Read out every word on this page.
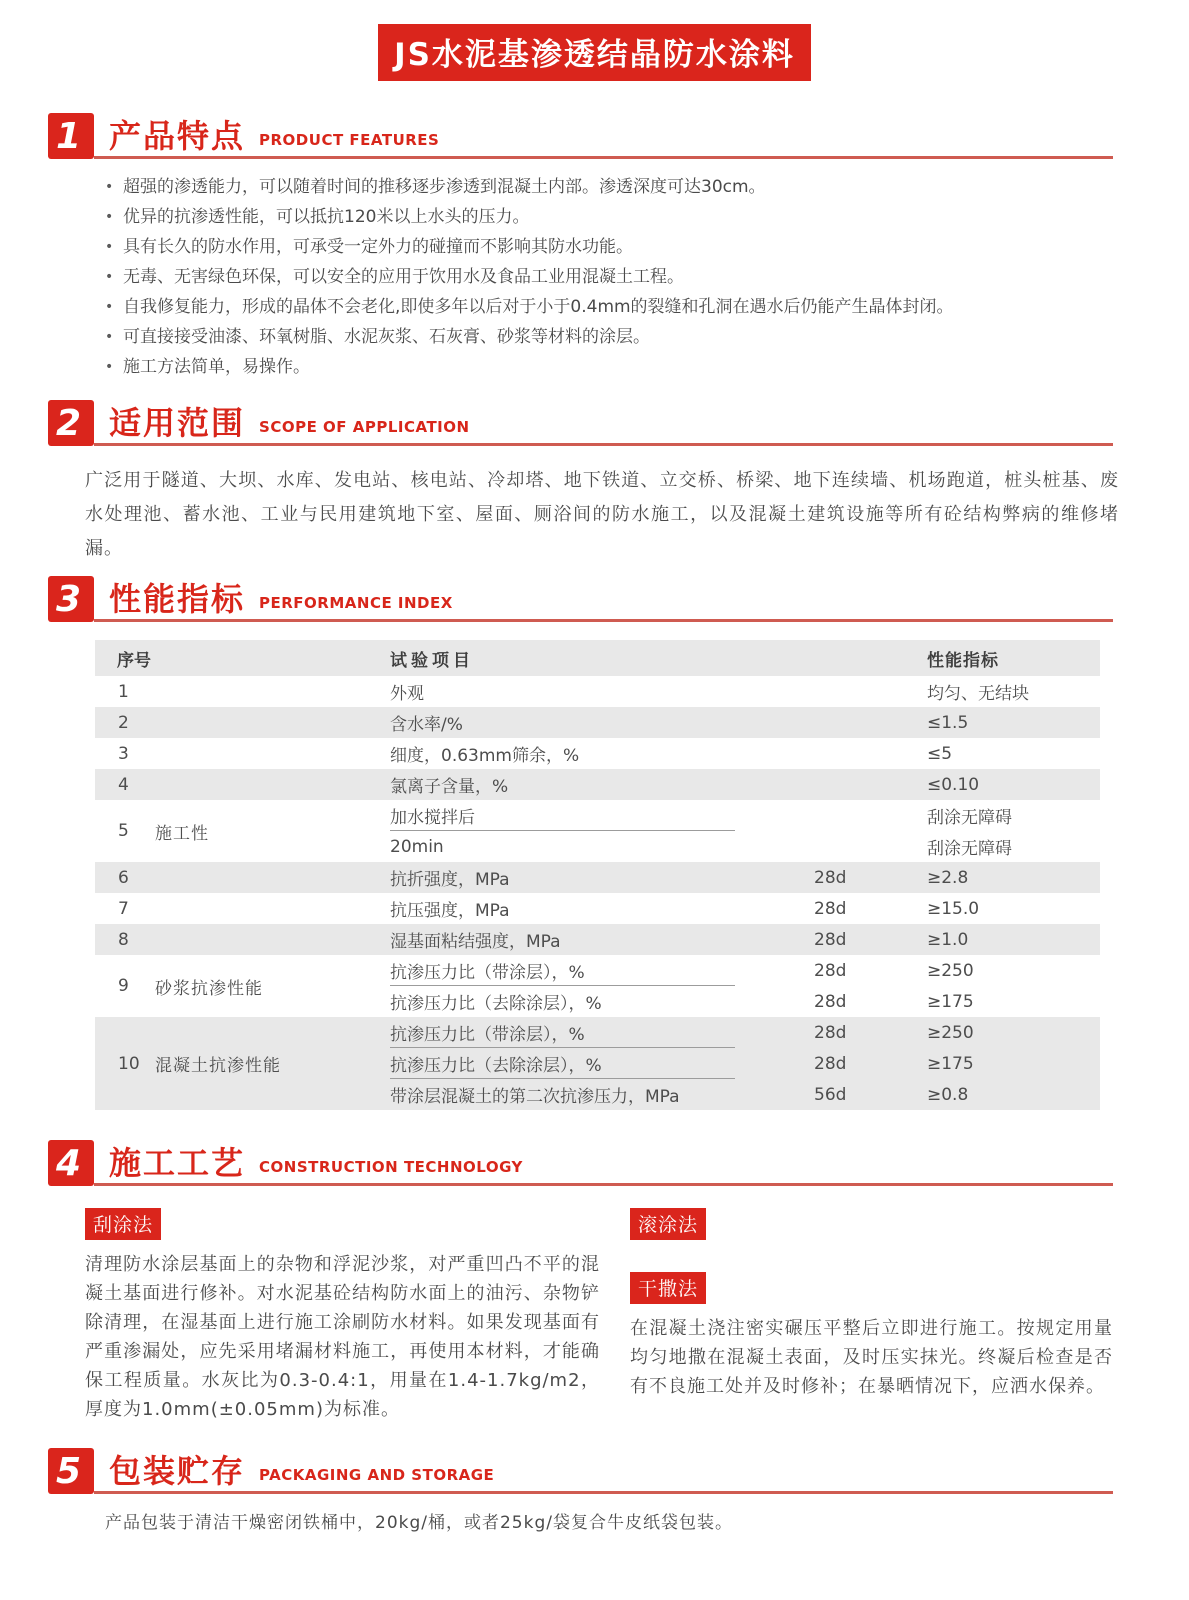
JS水泥基渗透结晶防水涂料
1 产品特点 PRODUCT FEATURES
• 超强的渗透能力，可以随着时间的推移逐步渗透到混凝土内部。渗透深度可达30cm。
• 优异的抗渗透性能，可以抵抗120米以上水头的压力。
• 具有长久的防水作用，可承受一定外力的碰撞而不影响其防水功能。
• 无毒、无害绿色环保，可以安全的应用于饮用水及食品工业用混凝土工程。
• 自我修复能力，形成的晶体不会老化,即使多年以后对于小于0.4mm的裂缝和孔洞在遇水后仍能产生晶体封闭。
• 可直接接受油漆、环氧树脂、水泥灰浆、石灰膏、砂浆等材料的涂层。
• 施工方法简单，易操作。
2 适用范围 SCOPE OF APPLICATION

广泛用于隧道、大坝、水库、发电站、核电站、冷却塔、地下铁道、立交桥、桥梁、地下连续墙、机场跑道，桩头桩基、废水处理池、蓄水池、工业与民用建筑地下室、屋面、厕浴间的防水施工，以及混凝土建筑设施等所有砼结构弊病的维修堵漏。

3 性能指标 PERFORMANCE INDEX
序号	试验项目	性能指标
1	外观	均匀、无结块
2	含水率/%	≤1.5
3	细度，0.63mm筛余，%	≤5
4	氯离子含量，%	≤0.10
5	施工性
加水搅拌后	刮涂无障碍
20min	刮涂无障碍
6	抗折强度，MPa	28d	≥2.8
7	抗压强度，MPa	28d	≥15.0
8	湿基面粘结强度，MPa	28d	≥1.0
9	砂浆抗渗性能
抗渗压力比（带涂层），%	28d	≥250
抗渗压力比（去除涂层），%	28d	≥175
10 混凝土抗渗性能
抗渗压力比（带涂层），%	28d	≥250
抗渗压力比（去除涂层），%	28d	≥175
带涂层混凝土的第二次抗渗压力，MPa	56d	≥0.8
4 施工工艺 CONSTRUCTION TECHNOLOGY
刮涂法

清理防水涂层基面上的杂物和浮泥沙浆，对严重凹凸不平的混凝土基面进行修补。对水泥基砼结构防水面上的油污、杂物铲除清理，在湿基面上进行施工涂刷防水材料。如果发现基面有严重渗漏处，应先采用堵漏材料施工，再使用本材料，才能确保工程质量。水灰比为0.3-0.4:1，用量在1.4-1.7kg/m2，厚度为1.0mm(±0.05mm)为标准。

滚涂法
干撒法

在混凝土浇注密实碾压平整后立即进行施工。按规定用量均匀地撒在混凝土表面，及时压实抹光。终凝后检查是否有不良施工处并及时修补；在暴晒情况下，应洒水保养。

5 包装贮存 PACKAGING AND STORAGE

产品包装于清洁干燥密闭铁桶中，20kg/桶，或者25kg/袋复合牛皮纸袋包装。
